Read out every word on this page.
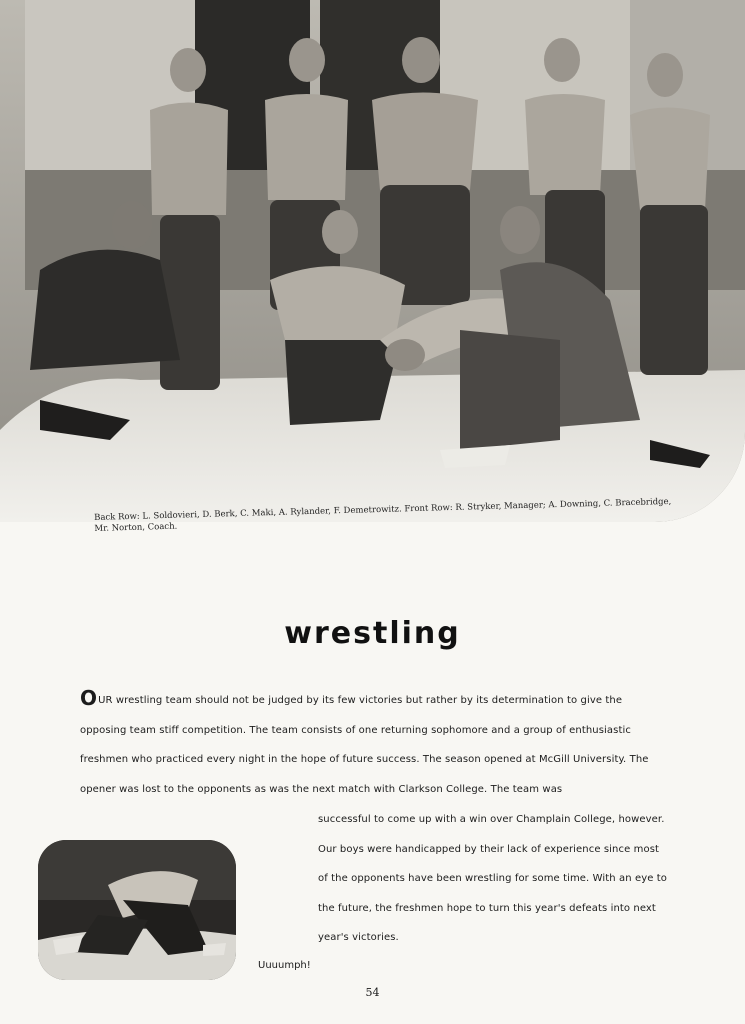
Back Row: L. Soldovieri, D. Berk, C. Maki, A. Rylander, F. Demetrowitz. Front Row: R. Stryker, Manager; A. Downing, C. Bracebridge, Mr. Norton, Coach.
wrestling
OUR wrestling team should not be judged by its few victories but rather by its determination to give the opposing team stiff competition. The team consists of one returning sophomore and a group of enthusiastic freshmen who practiced every night in the hope of future success. The season opened at McGill University. The opener was lost to the opponents as was the next match with Clarkson College. The team was
successful to come up with a win over Champlain College, however. Our boys were handicapped by their lack of experience since most of the opponents have been wrestling for some time. With an eye to the future, the freshmen hope to turn this year's defeats into next year's victories.
Uuuumph!
54
